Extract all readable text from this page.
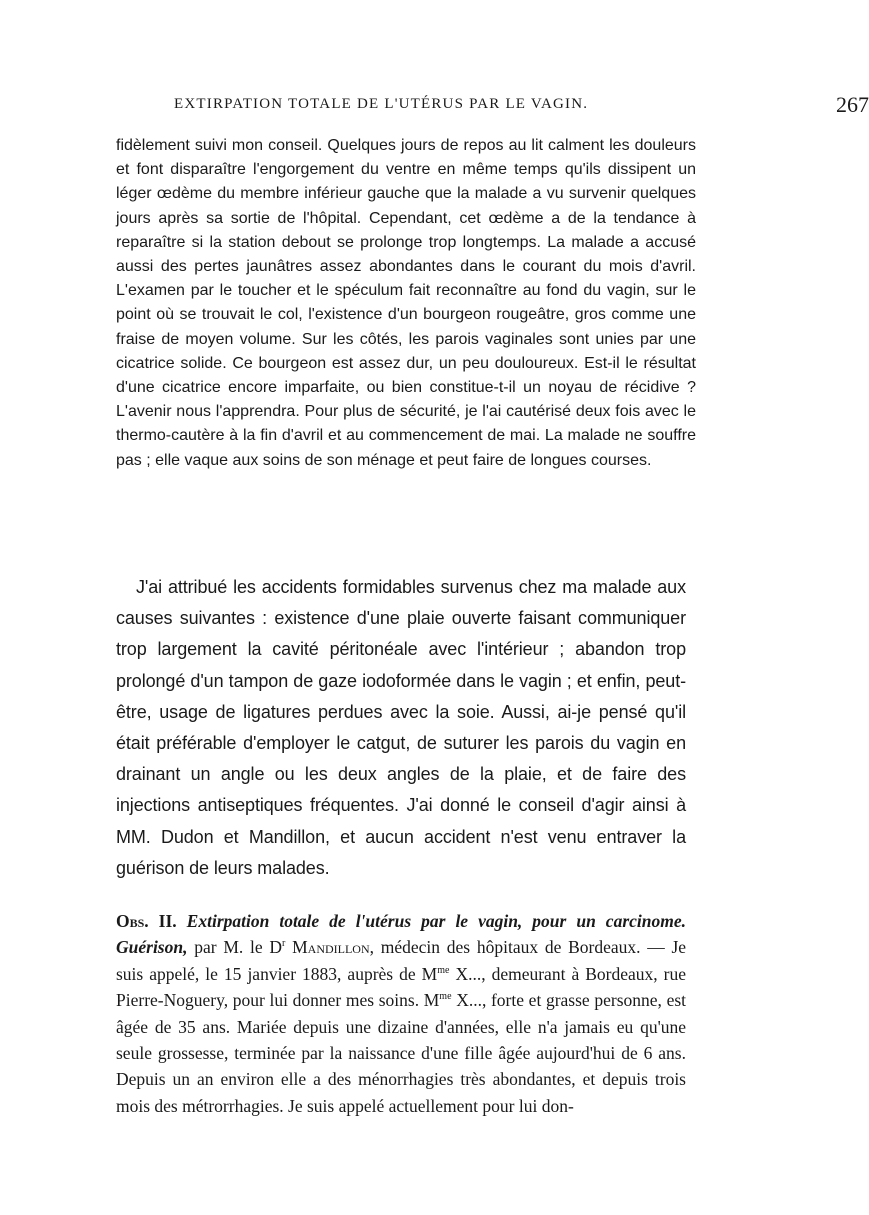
EXTIRPATION TOTALE DE L'UTÉRUS PAR LE VAGIN.	267

fidèlement suivi mon conseil. Quelques jours de repos au lit calment les douleurs et font disparaître l'engorgement du ventre en même temps qu'ils dissipent un léger œdème du membre inférieur gauche que la malade a vu survenir quelques jours après sa sortie de l'hôpital. Cependant, cet œdème a de la tendance à reparaître si la station debout se prolonge trop longtemps. La malade a accusé aussi des pertes jaunâtres assez abondantes dans le courant du mois d'avril. L'examen par le toucher et le spéculum fait reconnaître au fond du vagin, sur le point où se trouvait le col, l'existence d'un bourgeon rougeâtre, gros comme une fraise de moyen volume. Sur les côtés, les parois vaginales sont unies par une cicatrice solide. Ce bourgeon est assez dur, un peu douloureux. Est-il le résultat d'une cicatrice encore imparfaite, ou bien constitue-t-il un noyau de récidive ? L'avenir nous l'apprendra. Pour plus de sécurité, je l'ai cautérisé deux fois avec le thermo-cautère à la fin d'avril et au commencement de mai. La malade ne souffre pas ; elle vaque aux soins de son ménage et peut faire de longues courses.

J'ai attribué les accidents formidables survenus chez ma malade aux causes suivantes : existence d'une plaie ouverte faisant communiquer trop largement la cavité péritonéale avec l'intérieur ; abandon trop prolongé d'un tampon de gaze iodoformée dans le vagin ; et enfin, peut-être, usage de ligatures perdues avec la soie. Aussi, ai-je pensé qu'il était préférable d'employer le catgut, de suturer les parois du vagin en drainant un angle ou les deux angles de la plaie, et de faire des injections antiseptiques fréquentes. J'ai donné le conseil d'agir ainsi à MM. Dudon et Mandillon, et aucun accident n'est venu entraver la guérison de leurs malades.

Obs. II. Extirpation totale de l'utérus par le vagin, pour un carcinome. Guérison, par M. le $D^r$ Mandillon, médecin des hôpitaux de Bordeaux. — Je suis appelé, le 15 janvier 1883, auprès de $M^{me}$ X..., demeurant à Bordeaux, rue Pierre-Noguery, pour lui donner mes soins. $M^{me}$ X..., forte et grasse personne, est âgée de 35 ans. Mariée depuis une dizaine d'années, elle n'a jamais eu qu'une seule grossesse, terminée par la naissance d'une fille âgée aujourd'hui de 6 ans. Depuis un an environ elle a des ménorrhagies très abondantes, et depuis trois mois des métrorrhagies. Je suis appelé actuellement pour lui don-
